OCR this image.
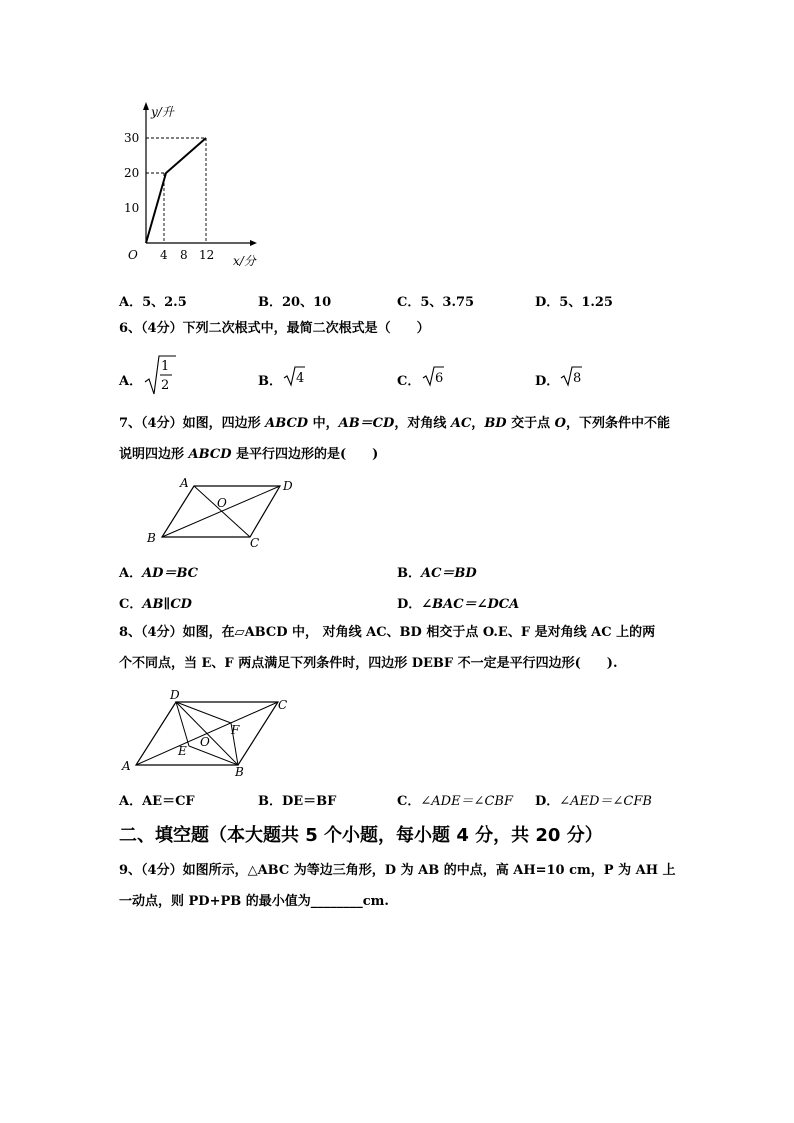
y/升
x/分
O
10
20
30
4 8 12
A．5、2.5	B．20、10	C．5、3.75	D．5、1.25
6、（4分）下列二次根式中，最简二次根式是（　　）
A．
1
2	B． 4	C． 6	D． 8
7、（4分）如图，四边形 ABCD 中，AB＝CD，对角线 AC，BD 交于点 O，下列条件中不能
说明四边形 ABCD 是平行四边形的是(　　)
A	D
B	C
O
A．AD＝BC	B．AC＝BD
C．AB∥CD	D．∠BAC＝∠DCA
8、（4分）如图，在▱ABCD 中， 对角线 AC、BD 相交于点 O.E、F 是对角线 AC 上的两
个不同点，当 E、F 两点满足下列条件时，四边形 DEBF 不一定是平行四边形(　　).
D
C
A	B
E
F
O
A．AE＝CF	B．DE＝BF	C．∠ADE＝∠CBF D．∠AED＝∠CFB
二、填空题（本大题共 5 个小题，每小题 4 分，共 20 分）
9、（4分）如图所示，△ABC 为等边三角形，D 为 AB 的中点，高 AH=10 cm，P 为 AH 上
一动点，则 PD+PB 的最小值为________cm.
